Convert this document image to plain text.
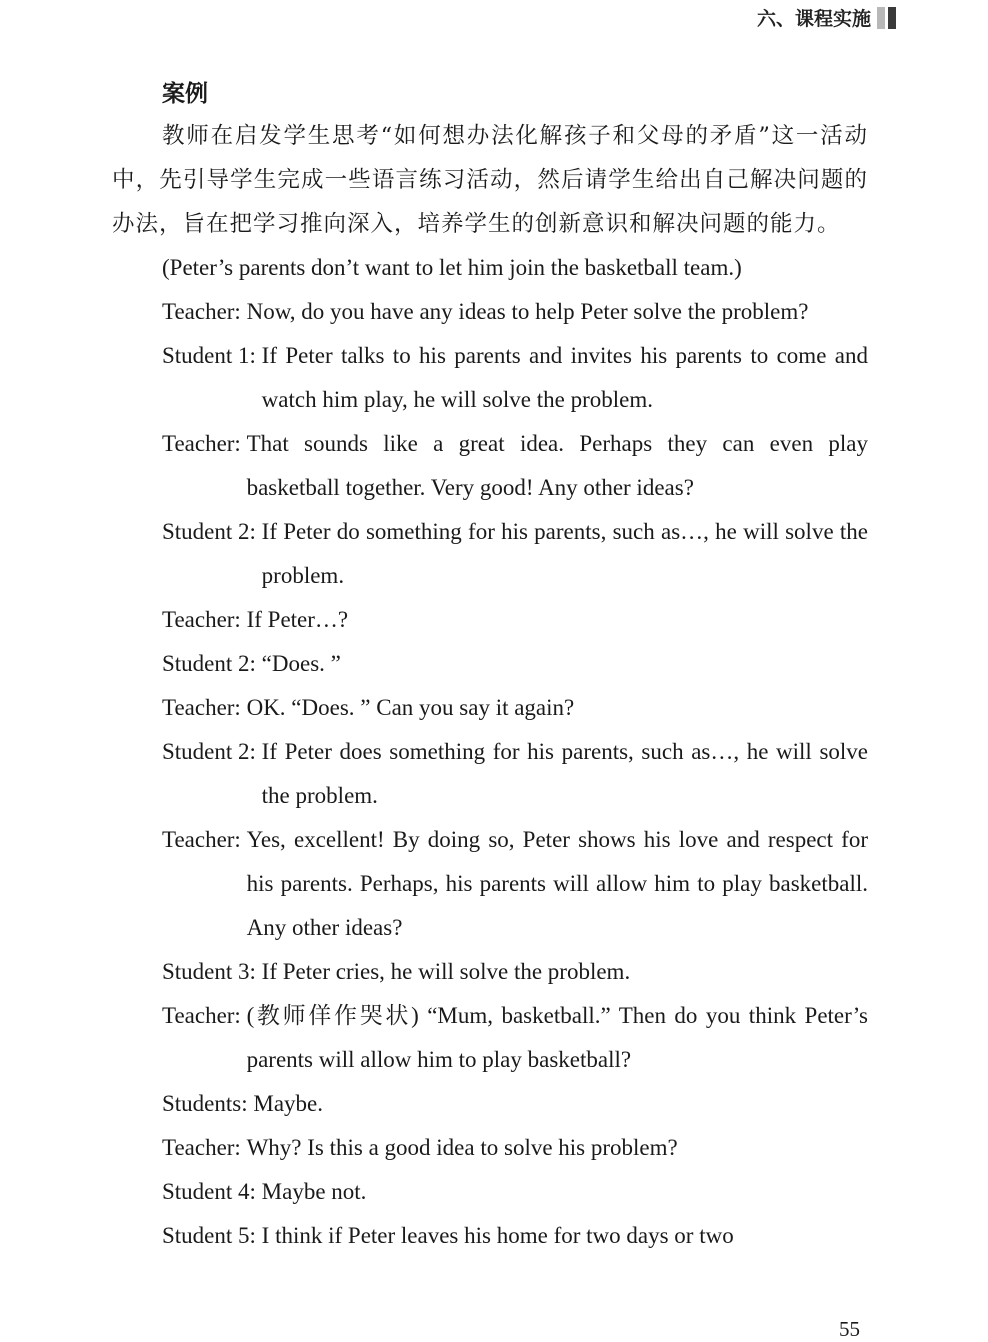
六、课程实施
案例

教师在启发学生思考“如何想办法化解孩子和父母的矛盾”这一活动中，先引导学生完成一些语言练习活动，然后请学生给出自己解决问题的办法，旨在把学习推向深入，培养学生的创新意识和解决问题的能力。

(Peter’s parents don’t want to let him join the basketball team.)
Teacher: Now, do you have any ideas to help Peter solve the problem?
Student 1: If Peter talks to his parents and invites his parents to come and watch him play, he will solve the problem.
Teacher: That sounds like a great idea. Perhaps they can even play basketball together. Very good! Any other ideas?
Student 2: If Peter do something for his parents, such as…, he will solve the problem.
Teacher: If Peter…?
Student 2: “Does. ”
Teacher: OK. “Does. ” Can you say it again?
Student 2: If Peter does something for his parents, such as…, he will solve the problem.
Teacher: Yes, excellent! By doing so, Peter shows his love and respect for his parents. Perhaps, his parents will allow him to play basketball. Any other ideas?
Student 3: If Peter cries, he will solve the problem.
Teacher: (教师佯作哭状) “Mum, basketball.” Then do you think Peter’s parents will allow him to play basketball?
Students: Maybe.
Teacher: Why? Is this a good idea to solve his problem?
Student 4: Maybe not.
Student 5: I think if Peter leaves his home for two days or two
55
